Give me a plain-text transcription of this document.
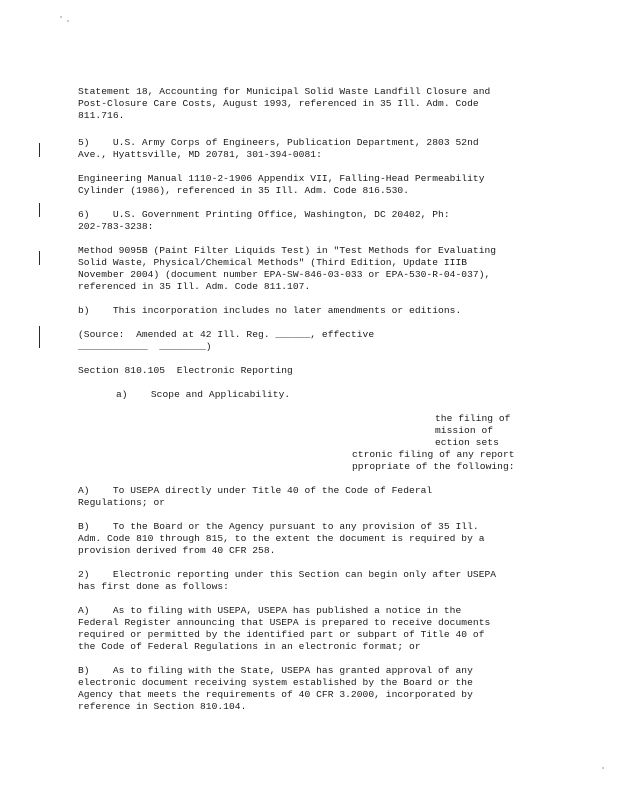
Statement 18, Accounting for Municipal Solid Waste Landfill Closure and
Post-Closure Care Costs, August 1993, referenced in 35 Ill. Adm. Code
811.716.
5)    U.S. Army Corps of Engineers, Publication Department, 2803 52nd
Ave., Hyattsville, MD 20781, 301-394-0081:
Engineering Manual 1110-2-1906 Appendix VII, Falling-Head Permeability
Cylinder (1986), referenced in 35 Ill. Adm. Code 816.530.
6)    U.S. Government Printing Office, Washington, DC 20402, Ph:
202-783-3238:
Method 9095B (Paint Filter Liquids Test) in "Test Methods for Evaluating
Solid Waste, Physical/Chemical Methods" (Third Edition, Update IIIB
November 2004) (document number EPA-SW-846-03-033 or EPA-530-R-04-037),
referenced in 35 Ill. Adm. Code 811.107.
b)    This incorporation includes no later amendments or editions.
(Source:  Amended at 42 Ill. Reg. ______, effective
____________  ________)
Section 810.105  Electronic Reporting
a)    Scope and Applicability.
the filing of
mission of
ection sets
ctronic filing of any report
ppropriate of the following:
A)    To USEPA directly under Title 40 of the Code of Federal
Regulations; or
B)    To the Board or the Agency pursuant to any provision of 35 Ill.
Adm. Code 810 through 815, to the extent the document is required by a
provision derived from 40 CFR 258.
2)    Electronic reporting under this Section can begin only after USEPA
has first done as follows:
A)    As to filing with USEPA, USEPA has published a notice in the
Federal Register announcing that USEPA is prepared to receive documents
required or permitted by the identified part or subpart of Title 40 of
the Code of Federal Regulations in an electronic format; or
B)    As to filing with the State, USEPA has granted approval of any
electronic document receiving system established by the Board or the
Agency that meets the requirements of 40 CFR 3.2000, incorporated by
reference in Section 810.104.
